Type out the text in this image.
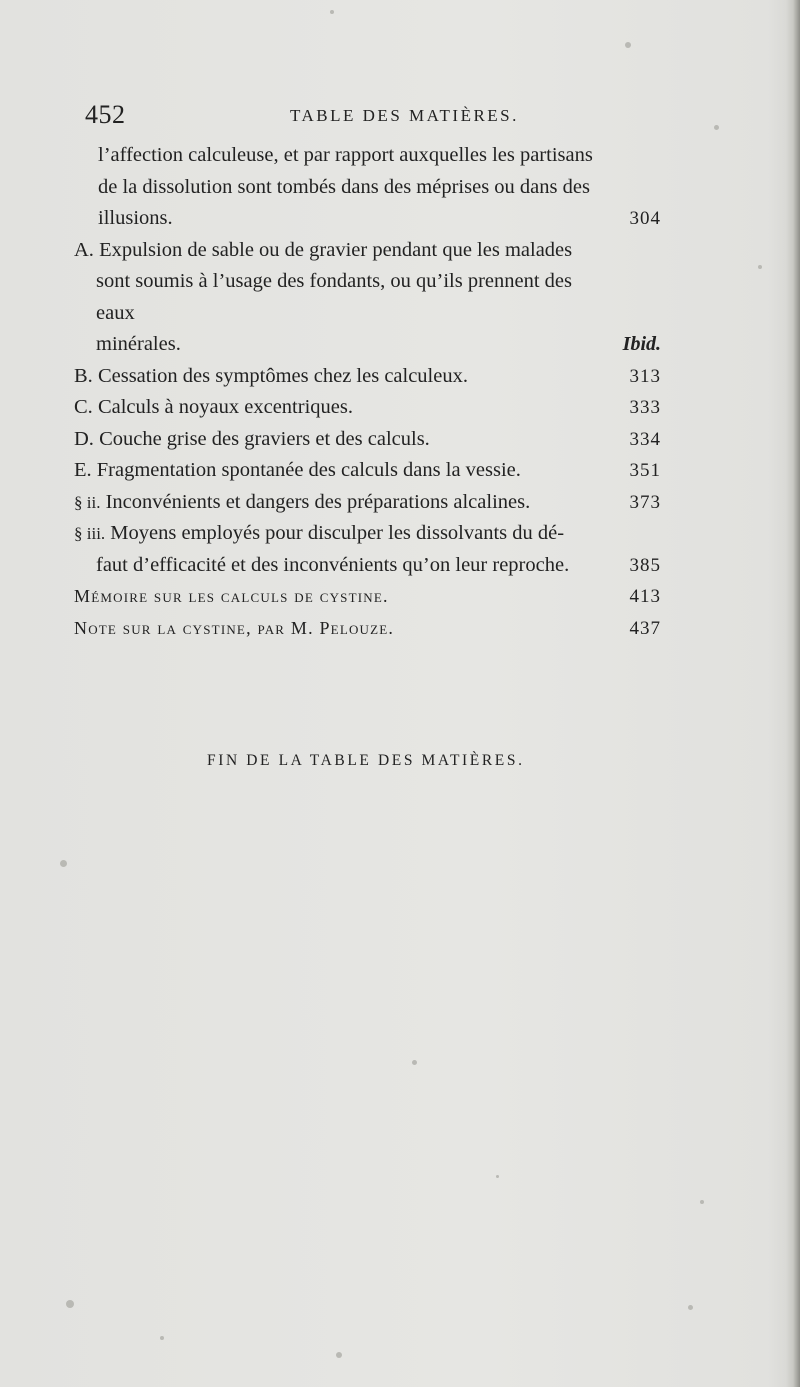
452	TABLE DES MATIÈRES.
l’affection calculeuse, et par rapport auxquelles les partisans
de la dissolution sont tombés dans des méprises ou dans des
illusions.	304
A. Expulsion de sable ou de gravier pendant que les malades
sont soumis à l’usage des fondants, ou qu’ils prennent des eaux
minérales.	Ibid.
B. Cessation des symptômes chez les calculeux.	313
C. Calculs à noyaux excentriques.	333
D. Couche grise des graviers et des calculs.	334
E. Fragmentation spontanée des calculs dans la vessie.	351
§ ii. Inconvénients et dangers des préparations alcalines.	373
§ iii. Moyens employés pour disculper les dissolvants du dé-
faut d’efficacité et des inconvénients qu’on leur reproche.	385
Mémoire sur les calculs de cystine.	413
Note sur la cystine, par M. Pelouze.	437
FIN DE LA TABLE DES MATIÈRES.
